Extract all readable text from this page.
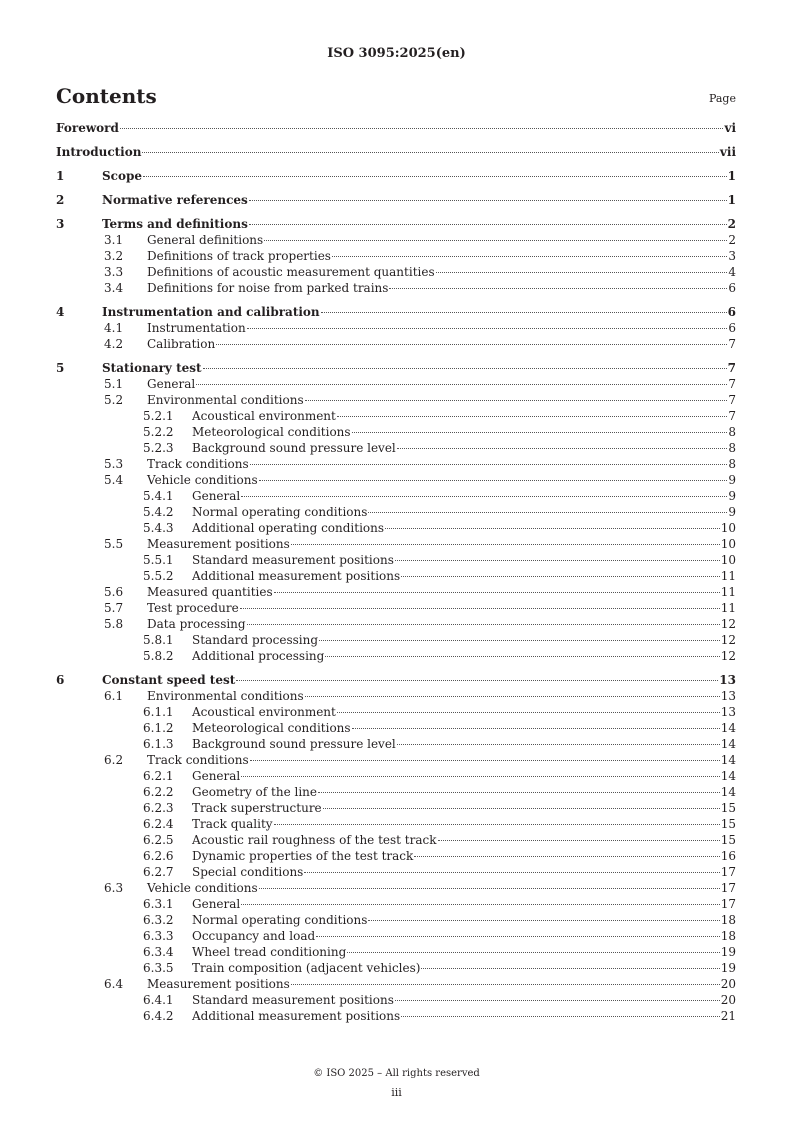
ISO 3095:2025(en)
Contents	Page
Foreword	vi
Introduction	vii
1	Scope	1
2	Normative references	1
3	Terms and definitions	2
3.1	General definitions	2
3.2	Definitions of track properties	3
3.3	Definitions of acoustic measurement quantities	4
3.4	Definitions for noise from parked trains	6
4	Instrumentation and calibration	6
4.1	Instrumentation	6
4.2	Calibration	7
5	Stationary test	7
5.1	General	7
5.2	Environmental conditions	7
5.2.1	Acoustical environment	7
5.2.2	Meteorological conditions	8
5.2.3	Background sound pressure level	8
5.3	Track conditions	8
5.4	Vehicle conditions	9
5.4.1	General	9
5.4.2	Normal operating conditions	9
5.4.3	Additional operating conditions	10
5.5	Measurement positions	10
5.5.1	Standard measurement positions	10
5.5.2	Additional measurement positions	11
5.6	Measured quantities	11
5.7	Test procedure	11
5.8	Data processing	12
5.8.1	Standard processing	12
5.8.2	Additional processing	12
6	Constant speed test	13
6.1	Environmental conditions	13
6.1.1	Acoustical environment	13
6.1.2	Meteorological conditions	14
6.1.3	Background sound pressure level	14
6.2	Track conditions	14
6.2.1	General	14
6.2.2	Geometry of the line	14
6.2.3	Track superstructure	15
6.2.4	Track quality	15
6.2.5	Acoustic rail roughness of the test track	15
6.2.6	Dynamic properties of the test track	16
6.2.7	Special conditions	17
6.3	Vehicle conditions	17
6.3.1	General	17
6.3.2	Normal operating conditions	18
6.3.3	Occupancy and load	18
6.3.4	Wheel tread conditioning	19
6.3.5	Train composition (adjacent vehicles)	19
6.4	Measurement positions	20
6.4.1	Standard measurement positions	20
6.4.2	Additional measurement positions	21
© ISO 2025 – All rights reserved
iii
